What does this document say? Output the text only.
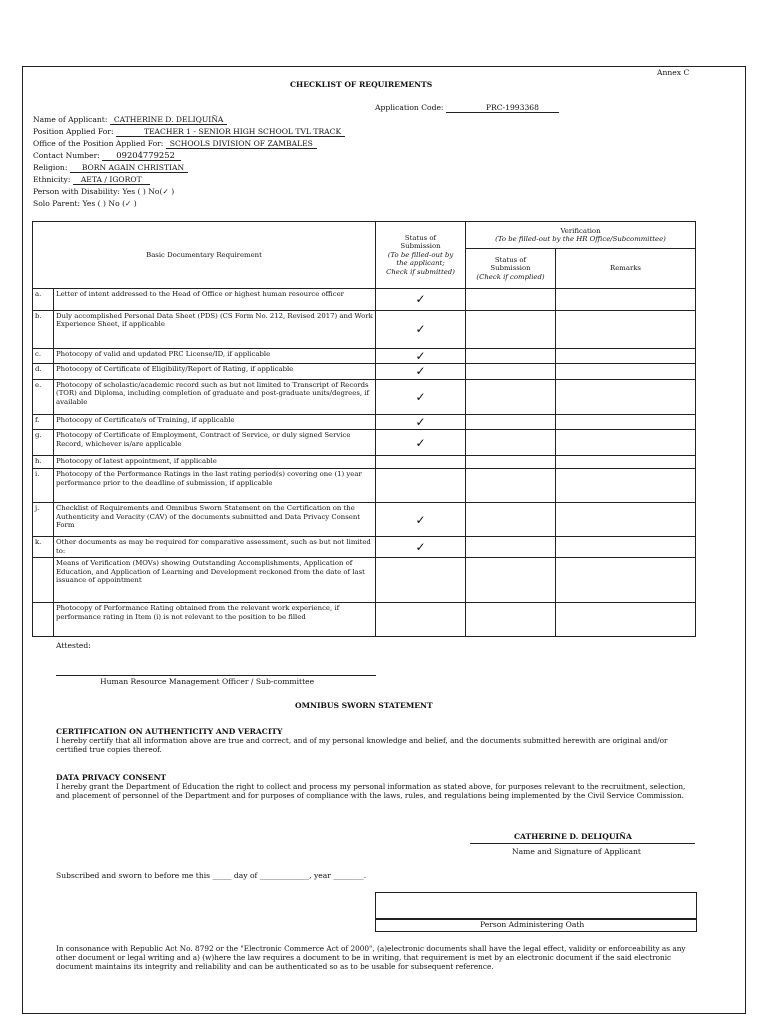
Annex C
CHECKLIST OF REQUIREMENTS
Application Code:	PRC-1993368
Name of Applicant: CATHERINE D. DELIQUIÑA
Position Applied For:	TEACHER 1 - SENIOR HIGH SCHOOL TVL TRACK
Office of the Position Applied For: SCHOOLS DIVISION OF ZAMBALES
Contact Number: 09204779252
Religion: BORN AGAIN CHRISTIAN
Ethnicity: AETA / IGOROT
Person with Disability: Yes ( ) No(✓ )
Solo Parent: Yes ( ) No (✓ )
Basic Documentary Requirement		Status of
Submission
(To be filled-out by
the applicant;
Check if submitted)	Verification
(To be filled-out by the HR Office/Subcommittee)	
			Status of
Submission
(Check if complied)	Remarks
a.	Letter of intent addressed to the Head of Office or highest human resource officer	✓		
b.	Duly accomplished Personal Data Sheet (PDS) (CS Form No. 212, Revised 2017) and Work Experience Sheet, if applicable	✓		
c.	Photocopy of valid and updated PRC License/ID, if applicable	✓		
d.	Photocopy of Certificate of Eligibility/Report of Rating, if applicable	✓		
e.	Photocopy of scholastic/academic record such as but not limited to Transcript of Records (TOR) and Diploma, including completion of graduate and post-graduate units/degrees, if available	✓		
f.	Photocopy of Certificate/s of Training, if applicable	✓		
g.	Photocopy of Certificate of Employment, Contract of Service, or duly signed Service Record, whichever is/are applicable	✓		
h.	Photocopy of latest appointment, if applicable			
i.	Photocopy of the Performance Ratings in the last rating period(s) covering one (1) year performance prior to the deadline of submission, if applicable			
j.	Checklist of Requirements and Omnibus Sworn Statement on the Certification on the Authenticity and Veracity (CAV) of the documents submitted and Data Privacy Consent Form	✓		
k.	Other documents as may be required for comparative assessment, such as but not limited to:	✓		
	Means of Verification (MOVs) showing Outstanding Accomplishments, Application of Education, and Application of Learning and Development reckoned from the date of last issuance of appointment			
	Photocopy of Performance Rating obtained from the relevant work experience, if performance rating in Item (i) is not relevant to the position to be filled			
Attested:
Human Resource Management Officer / Sub-committee
OMNIBUS SWORN STATEMENT
CERTIFICATION ON AUTHENTICITY AND VERACITY
I hereby certify that all information above are true and correct, and of my personal knowledge and belief, and the documents submitted herewith are original and/or certified true copies thereof.
DATA PRIVACY CONSENT
I hereby grant the Department of Education the right to collect and process my personal information as stated above, for purposes relevant to the recruitment, selection, and placement of personnel of the Department and for purposes of compliance with the laws, rules, and regulations being implemented by the Civil Service Commission.
CATHERINE D. DELIQUIÑA
Name and Signature of Applicant
Subscribed and sworn to before me this _____ day of _____________, year ________.
Person Administering Oath
In consonance with Republic Act No. 8792 or the "Electronic Commerce Act of 2000", (a)electronic documents shall have the legal effect, validity or enforceability as any other document or legal writing and a) (w)here the law requires a document to be in writing, that requirement is met by an electronic document if the said electronic document maintains its integrity and reliability and can be authenticated so as to be usable for subsequent reference.
